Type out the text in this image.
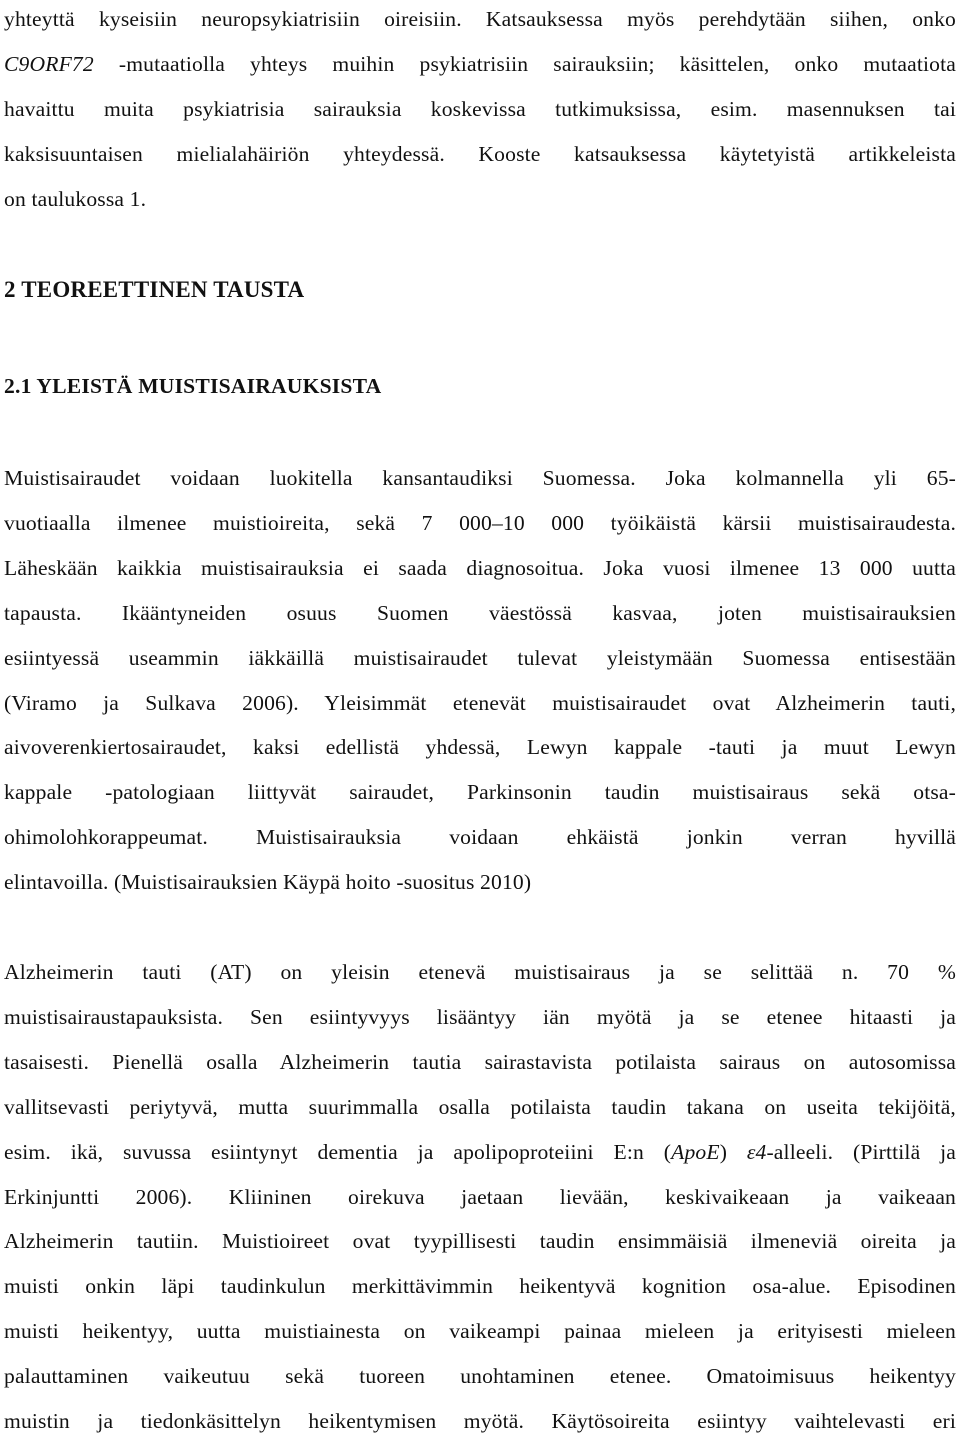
yhteyttä kyseisiin neuropsykiatrisiin oireisiin. Katsauksessa myös perehdytään siihen, onko
C9ORF72 -mutaatiolla yhteys muihin psykiatrisiin sairauksiin; käsittelen, onko mutaatiota
havaittu muita psykiatrisia sairauksia koskevissa tutkimuksissa, esim. masennuksen tai
kaksisuuntaisen mielialahäiriön yhteydessä. Kooste katsauksessa käytetyistä artikkeleista
on taulukossa 1.
2 TEOREETTINEN TAUSTA
2.1 YLEISTÄ MUISTISAIRAUKSISTA
Muistisairaudet voidaan luokitella kansantaudiksi Suomessa. Joka kolmannella yli 65-
vuotiaalla ilmenee muistioireita, sekä 7 000–10 000 työikäistä kärsii muistisairaudesta.
Läheskään kaikkia muistisairauksia ei saada diagnosoitua. Joka vuosi ilmenee 13 000 uutta
tapausta. Ikääntyneiden osuus Suomen väestössä kasvaa, joten muistisairauksien
esiintyessä useammin iäkkäillä muistisairaudet tulevat yleistymään Suomessa entisestään
(Viramo ja Sulkava 2006). Yleisimmät etenevät muistisairaudet ovat Alzheimerin tauti,
aivoverenkiertosairaudet, kaksi edellistä yhdessä, Lewyn kappale -tauti ja muut Lewyn
kappale -patologiaan liittyvät sairaudet, Parkinsonin taudin muistisairaus sekä otsa-
ohimolohkorappeumat. Muistisairauksia voidaan ehkäistä jonkin verran hyvillä
elintavoilla. (Muistisairauksien Käypä hoito -suositus 2010)
Alzheimerin tauti (AT) on yleisin etenevä muistisairaus ja se selittää n. 70 %
muistisairaustapauksista. Sen esiintyvyys lisääntyy iän myötä ja se etenee hitaasti ja
tasaisesti. Pienellä osalla Alzheimerin tautia sairastavista potilaista sairaus on autosomissa
vallitsevasti periytyvä, mutta suurimmalla osalla potilaista taudin takana on useita tekijöitä,
esim. ikä, suvussa esiintynyt dementia ja apolipoproteiini E:n (ApoE) ε4-alleeli. (Pirttilä ja
Erkinjuntti 2006). Kliininen oirekuva jaetaan lievään, keskivaikeaan ja vaikeaan
Alzheimerin tautiin. Muistioireet ovat tyypillisesti taudin ensimmäisiä ilmeneviä oireita ja
muisti onkin läpi taudinkulun merkittävimmin heikentyvä kognition osa-alue. Episodinen
muisti heikentyy, uutta muistiainesta on vaikeampi painaa mieleen ja erityisesti mieleen
palauttaminen vaikeutuu sekä tuoreen unohtaminen etenee. Omatoimisuus heikentyy
muistin ja tiedonkäsittelyn heikentymisen myötä. Käytösoireita esiintyy vaihtelevasti eri
